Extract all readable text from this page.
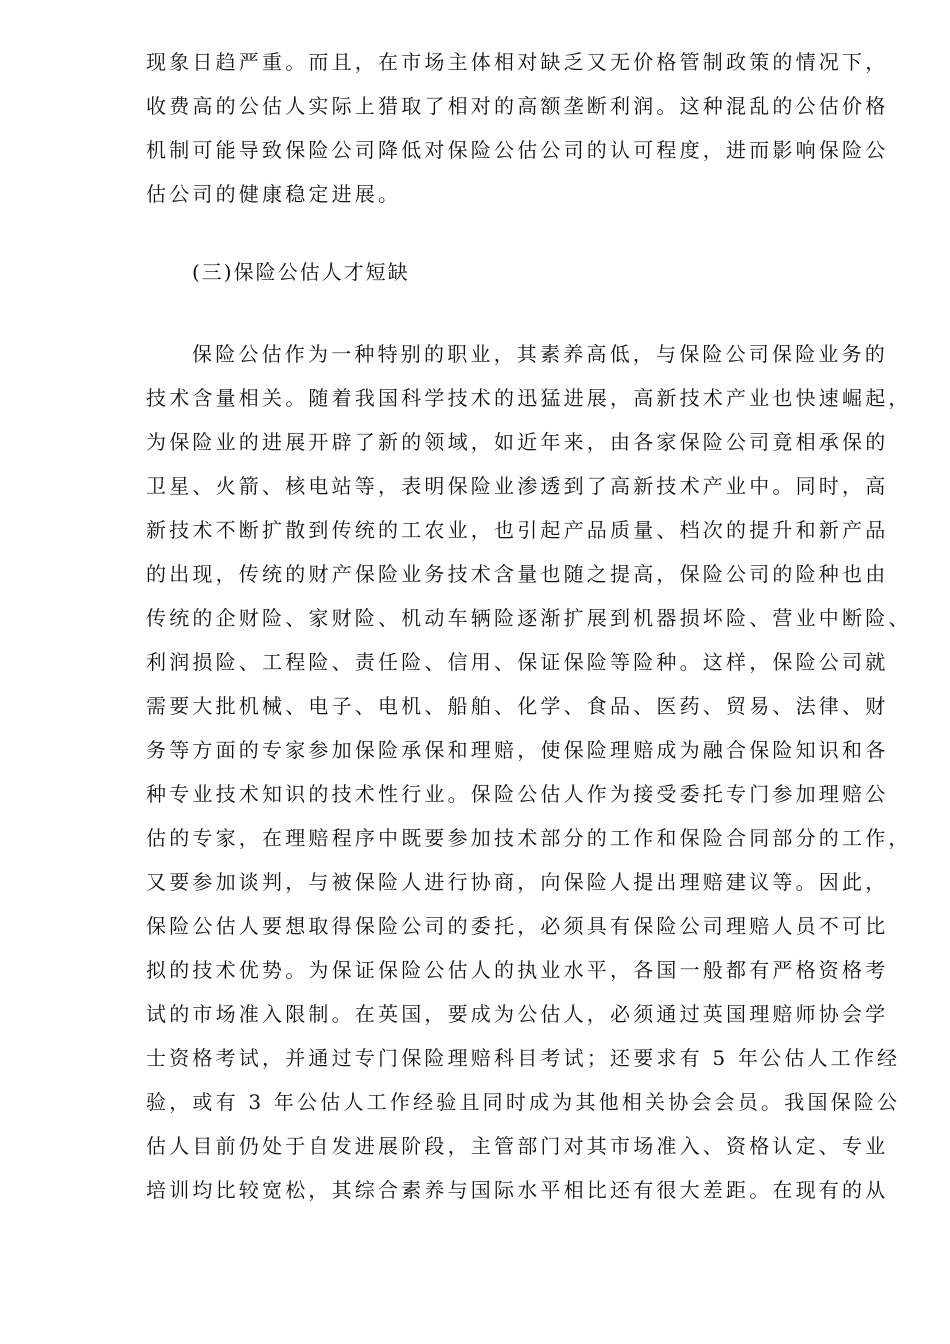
现象日趋严重。而且，在市场主体相对缺乏又无价格管制政策的情况下，
收费高的公估人实际上猎取了相对的高额垄断利润。这种混乱的公估价格
机制可能导致保险公司降低对保险公估公司的认可程度，进而影响保险公
估公司的健康稳定进展。
(三)保险公估人才短缺
保险公估作为一种特别的职业，其素养高低，与保险公司保险业务的
技术含量相关。随着我国科学技术的迅猛进展，高新技术产业也快速崛起，
为保险业的进展开辟了新的领域，如近年来，由各家保险公司竟相承保的
卫星、火箭、核电站等，表明保险业渗透到了高新技术产业中。同时，高
新技术不断扩散到传统的工农业，也引起产品质量、档次的提升和新产品
的出现，传统的财产保险业务技术含量也随之提高，保险公司的险种也由
传统的企财险、家财险、机动车辆险逐渐扩展到机器损坏险、营业中断险、
利润损险、工程险、责任险、信用、保证保险等险种。这样，保险公司就
需要大批机械、电子、电机、船舶、化学、食品、医药、贸易、法律、财
务等方面的专家参加保险承保和理赔，使保险理赔成为融合保险知识和各
种专业技术知识的技术性行业。保险公估人作为接受委托专门参加理赔公
估的专家，在理赔程序中既要参加技术部分的工作和保险合同部分的工作，
又要参加谈判，与被保险人进行协商，向保险人提出理赔建议等。因此，
保险公估人要想取得保险公司的委托，必须具有保险公司理赔人员不可比
拟的技术优势。为保证保险公估人的执业水平，各国一般都有严格资格考
试的市场准入限制。在英国，要成为公估人，必须通过英国理赔师协会学
士资格考试，并通过专门保险理赔科目考试；还要求有 5 年公估人工作经
验，或有 3 年公估人工作经验且同时成为其他相关协会会员。我国保险公
估人目前仍处于自发进展阶段，主管部门对其市场准入、资格认定、专业
培训均比较宽松，其综合素养与国际水平相比还有很大差距。在现有的从
